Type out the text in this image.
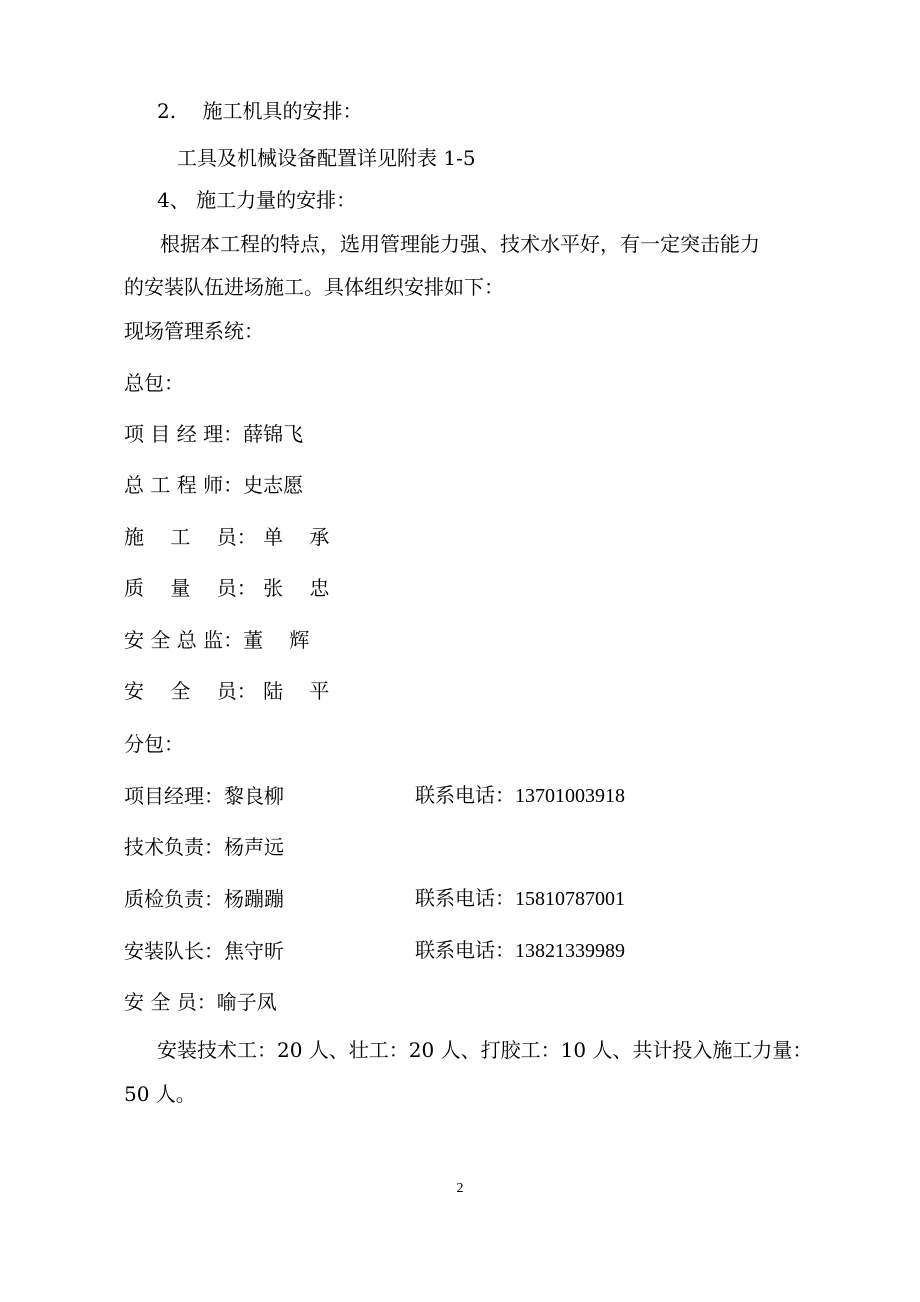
2.　 施工机具的安排：
工具及机械设备配置详见附表 1-5
4、 施工力量的安排：
根据本工程的特点，选用管理能力强、技术水平好，有一定突击能力
的安装队伍进场施工。具体组织安排如下：
现场管理系统：
总包：
项 目 经 理：薛锦飞
总 工 程 师：史志愿
施　 工　 员： 单　 承
质　 量　 员： 张　 忠
安 全 总 监：董　 辉
安　 全　 员： 陆　 平
分包：
项目经理：黎良柳	联系电话：13701003918
技术负责：杨声远
质检负责：杨蹦蹦	联系电话：15810787001
安装队长：焦守昕	联系电话：13821339989
安 全 员：喻子凤
安装技术工：20 人、壮工：20 人、打胶工：10 人、共计投入施工力量：
50 人。
2
